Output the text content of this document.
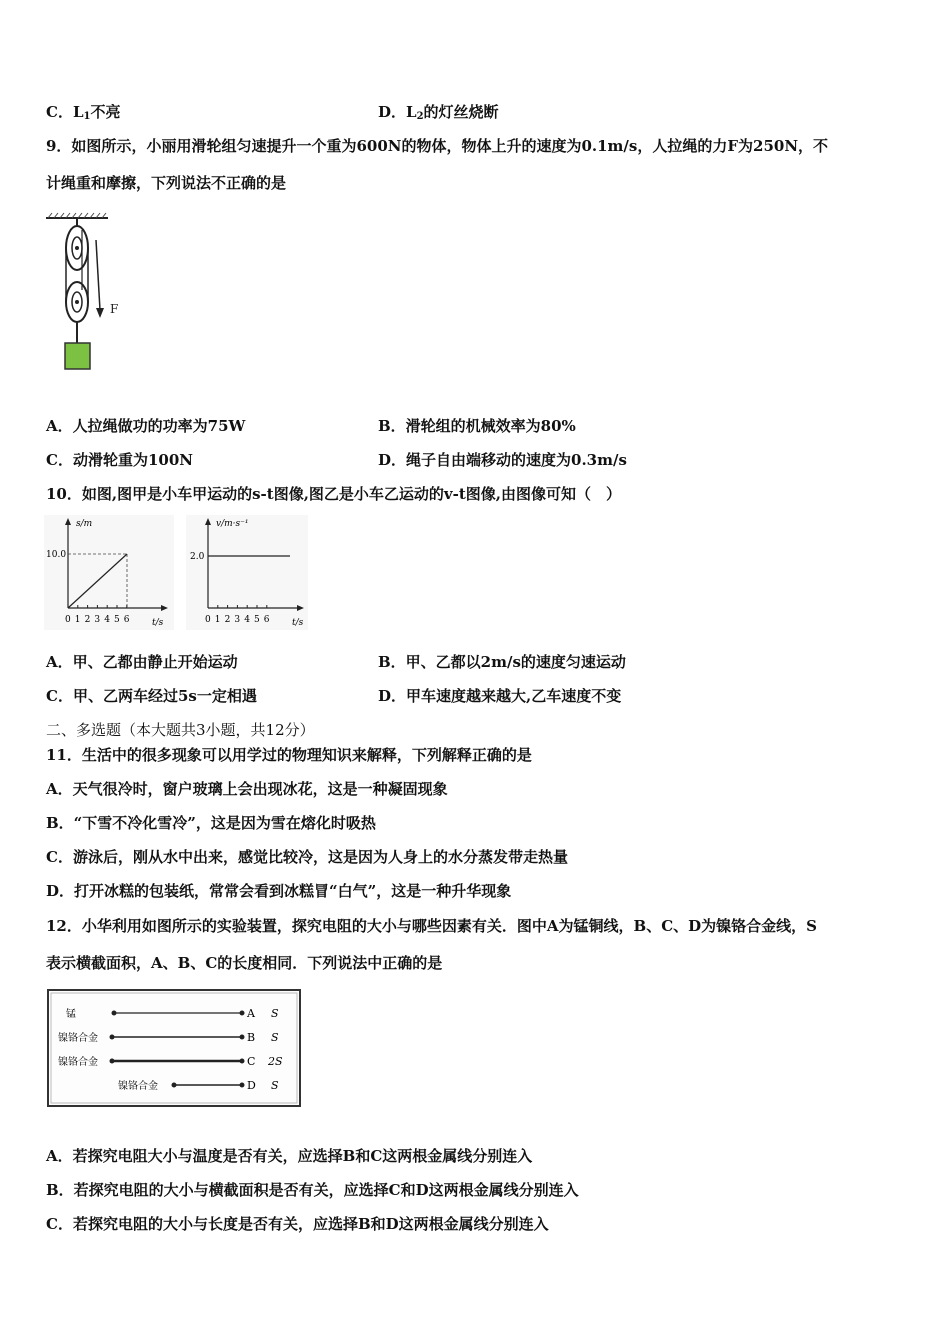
C．$L_1$不亮	D．$L_2$的灯丝烧断
9．如图所示，小丽用滑轮组匀速提升一个重为600N的物体，物体上升的速度为0.1m/s，人拉绳的力F为250N，不
计绳重和摩擦，下列说法不正确的是
F
A．人拉绳做功的功率为75W	B．滑轮组的机械效率为80%
C．动滑轮重为100N	D．绳子自由端移动的速度为0.3m/s
10．如图,图甲是小车甲运动的s-t图像,图乙是小车乙运动的v-t图像,由图像可知（　）
s/m
10.0
0 1 2 3 4 5 6 t/s
v/m·s⁻¹
2.0
0 1 2 3 4 5 6 t/s
A．甲、乙都由静止开始运动	B．甲、乙都以2m/s的速度匀速运动
C．甲、乙两车经过5s一定相遇	D．甲车速度越来越大,乙车速度不变
二、多选题（本大题共3小题，共12分）
11．生活中的很多现象可以用学过的物理知识来解释，下列解释正确的是
A．天气很冷时，窗户玻璃上会出现冰花，这是一种凝固现象
B．“下雪不冷化雪冷”，这是因为雪在熔化时吸热
C．游泳后，刚从水中出来，感觉比较冷，这是因为人身上的水分蒸发带走热量
D．打开冰糕的包装纸，常常会看到冰糕冒“白气”，这是一种升华现象
12．小华利用如图所示的实验装置，探究电阻的大小与哪些因素有关．图中A为锰铜线，B、C、D为镍铬合金线，S
表示横截面积，A、B、C的长度相同．下列说法中正确的是
锰	A S
镍铬合金	B S
镍铬合金	C 2S
镍铬合金	D S
A．若探究电阻大小与温度是否有关，应选择B和C这两根金属线分别连入
B．若探究电阻的大小与横截面积是否有关，应选择C和D这两根金属线分别连入
C．若探究电阻的大小与长度是否有关，应选择B和D这两根金属线分别连入
